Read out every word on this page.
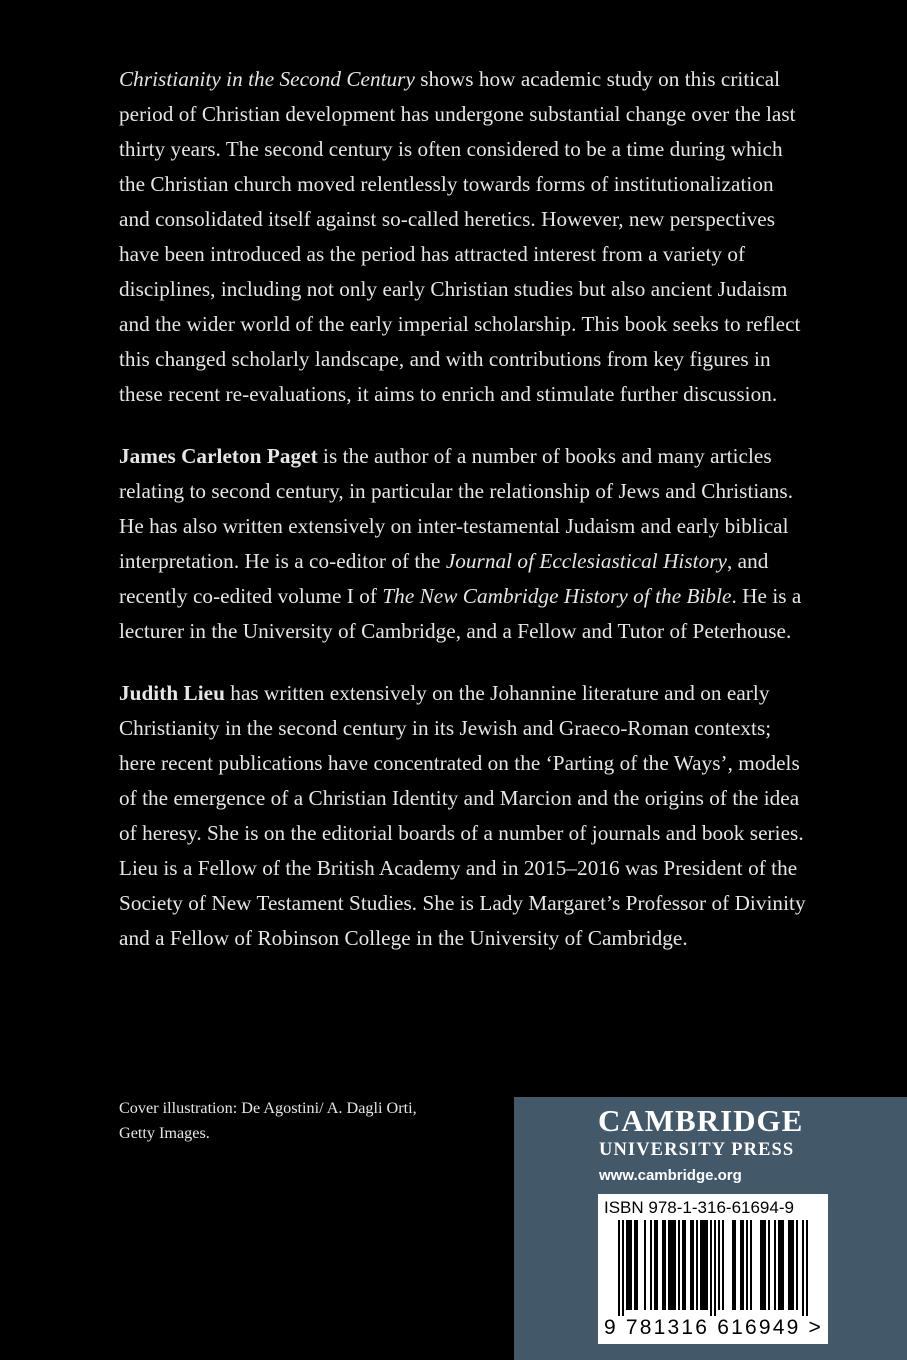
Christianity in the Second Century shows how academic study on this critical period of Christian development has undergone substantial change over the last thirty years. The second century is often considered to be a time during which the Christian church moved relentlessly towards forms of institutionalization and consolidated itself against so-called heretics. However, new perspectives have been introduced as the period has attracted interest from a variety of disciplines, including not only early Christian studies but also ancient Judaism and the wider world of the early imperial scholarship. This book seeks to reflect this changed scholarly landscape, and with contributions from key figures in these recent re-evaluations, it aims to enrich and stimulate further discussion.

James Carleton Paget is the author of a number of books and many articles relating to second century, in particular the relationship of Jews and Christians. He has also written extensively on inter-testamental Judaism and early biblical interpretation. He is a co-editor of the Journal of Ecclesiastical History, and recently co-edited volume I of The New Cambridge History of the Bible. He is a lecturer in the University of Cambridge, and a Fellow and Tutor of Peterhouse.

Judith Lieu has written extensively on the Johannine literature and on early Christianity in the second century in its Jewish and Graeco-Roman contexts; here recent publications have concentrated on the ‘Parting of the Ways’, models of the emergence of a Christian Identity and Marcion and the origins of the idea of heresy. She is on the editorial boards of a number of journals and book series. Lieu is a Fellow of the British Academy and in 2015–2016 was President of the Society of New Testament Studies. She is Lady Margaret’s Professor of Divinity and a Fellow of Robinson College in the University of Cambridge.

Cover illustration: De Agostini/ A. Dagli Orti,
Getty Images.	CAMBRIDGE
UNIVERSITY PRESS
www.cambridge.org
ISBN 978-1-316-61694-9
9 781316 616949 >
